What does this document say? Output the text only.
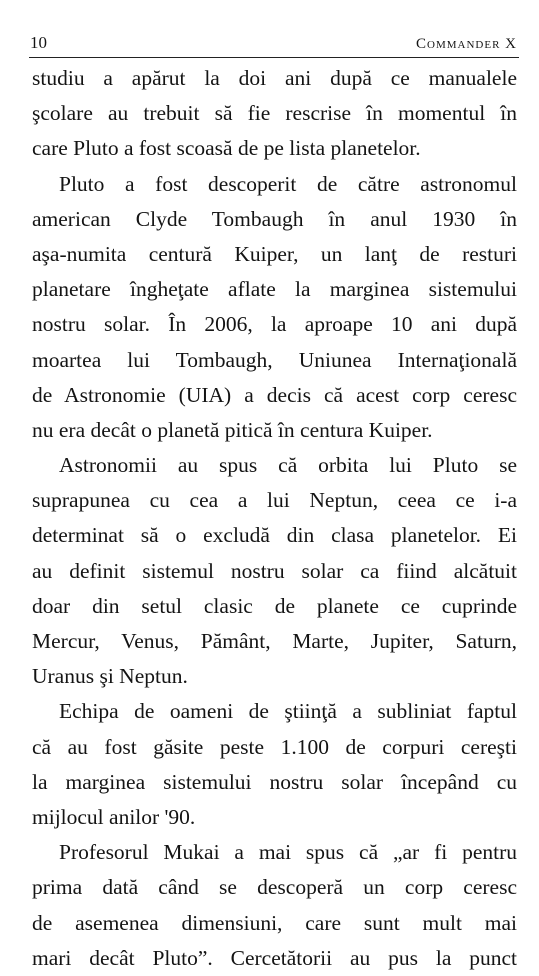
10	Commander X
studiu a apărut la doi ani după ce manualele
şcolare au trebuit să fie rescrise în momentul în
care Pluto a fost scoasă de pe lista planetelor.
Pluto a fost descoperit de către astronomul
american Clyde Tombaugh în anul 1930 în
aşa-numita centură Kuiper, un lanţ de resturi
planetare îngheţate aflate la marginea sistemului
nostru solar. În 2006, la aproape 10 ani după
moartea lui Tombaugh, Uniunea Internaţională
de Astronomie (UIA) a decis că acest corp ceresc
nu era decât o planetă pitică în centura Kuiper.
Astronomii au spus că orbita lui Pluto se
suprapunea cu cea a lui Neptun, ceea ce i-a
determinat să o excludă din clasa planetelor. Ei
au definit sistemul nostru solar ca fiind alcătuit
doar din setul clasic de planete ce cuprinde
Mercur, Venus, Pământ, Marte, Jupiter, Saturn,
Uranus şi Neptun.
Echipa de oameni de ştiinţă a subliniat faptul
că au fost găsite peste 1.100 de corpuri cereşti
la marginea sistemului nostru solar începând cu
mijlocul anilor '90.
Profesorul Mukai a mai spus că „ar fi pentru
prima dată când se descoperă un corp ceresc
de asemenea dimensiuni, care sunt mult mai
mari decât Pluto”. Cercetătorii au pus la punct
